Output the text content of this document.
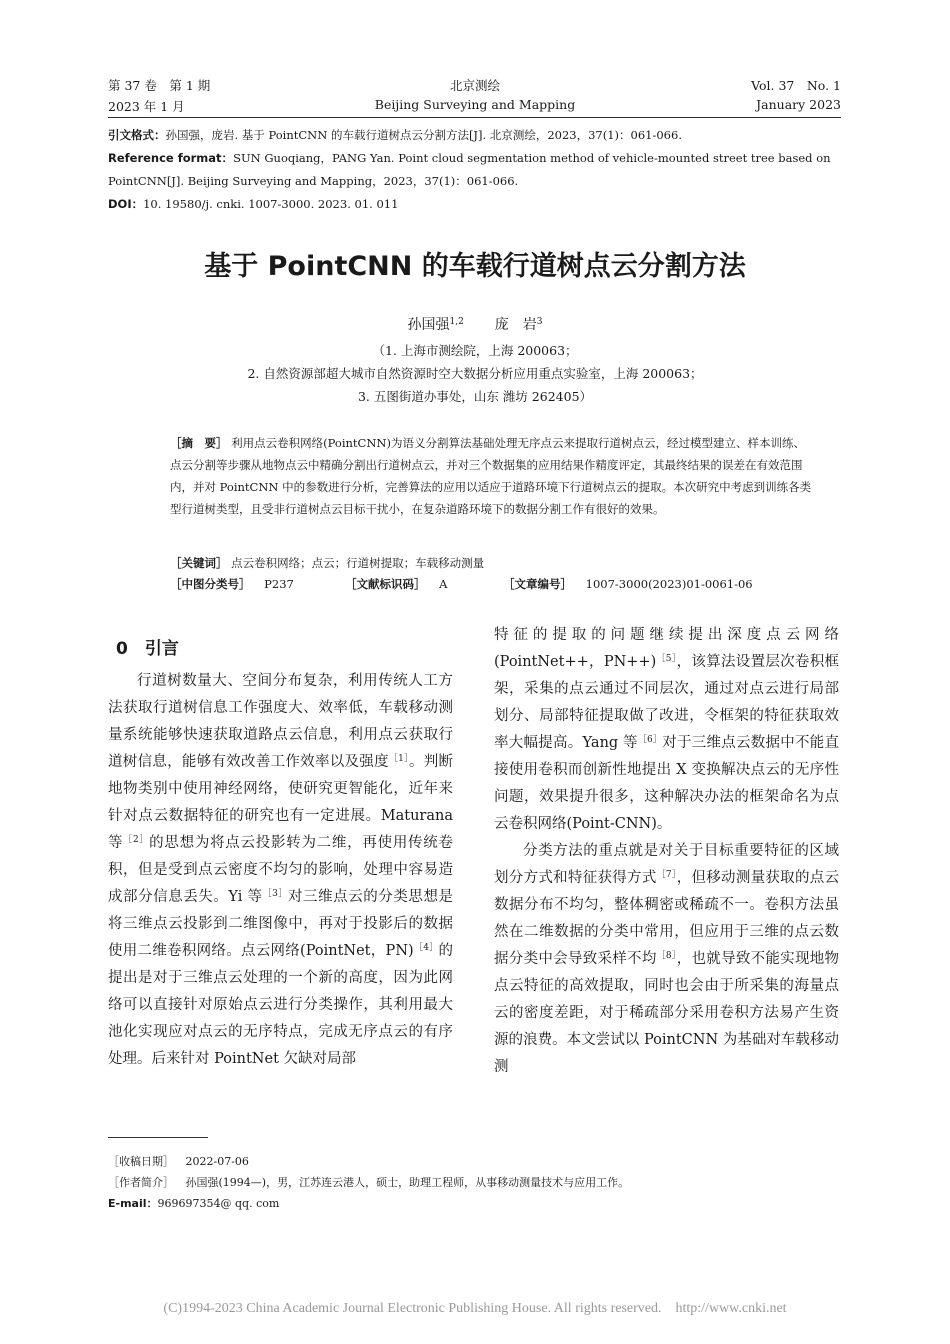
第 37 卷　第 1 期
2023 年 1 月
北京测绘
Beijing Surveying and Mapping
Vol. 37　No. 1
January 2023
引文格式：孙国强，庞岩. 基于 PointCNN 的车载行道树点云分割方法[J]. 北京测绘，2023，37(1)：061-066.
Reference format：SUN Guoqiang，PANG Yan. Point cloud segmentation method of vehicle-mounted street tree based on
PointCNN[J]. Beijing Surveying and Mapping，2023，37(1)：061-066.
DOI：10. 19580/j. cnki. 1007-3000. 2023. 01. 011
基于 PointCNN 的车载行道树点云分割方法
孙国强$^{1,2}$ 庞　岩$^3$
（1. 上海市测绘院，上海 200063；
2. 自然资源部超大城市自然资源时空大数据分析应用重点实验室，上海 200063；
3. 五图街道办事处，山东 潍坊 262405）
［摘　要］ 利用点云卷积网络(PointCNN)为语义分割算法基础处理无序点云来提取行道树点云，经过模型建立、样本训练、点云分割等步骤从地物点云中精确分割出行道树点云，并对三个数据集的应用结果作精度评定，其最终结果的误差在有效范围内，并对 PointCNN 中的参数进行分析，完善算法的应用以适应于道路环境下行道树点云的提取。本次研究中考虑到训练各类型行道树类型，且受非行道树点云目标干扰小，在复杂道路环境下的数据分割工作有很好的效果。
［关键词］ 点云卷积网络；点云；行道树提取；车载移动测量
［中图分类号］ P237	［文献标识码］ A	［文章编号］ 1007-3000(2023)01-0061-06

0　引言

行道树数量大、空间分布复杂，利用传统人工方法获取行道树信息工作强度大、效率低，车载移动测量系统能够快速获取道路点云信息，利用点云获取行道树信息，能够有效改善工作效率以及强度$^{[1]}$。判断地物类别中使用神经网络，使研究更智能化，近年来针对点云数据特征的研究也有一定进展。Maturana 等$^{[2]}$的思想为将点云投影转为二维，再使用传统卷积，但是受到点云密度不均匀的影响，处理中容易造成部分信息丢失。Yi 等$^{[3]}$对三维点云的分类思想是将三维点云投影到二维图像中，再对于投影后的数据使用二维卷积网络。点云网络(PointNet，PN)$^{[4]}$的提出是对于三维点云处理的一个新的高度，因为此网络可以直接针对原始点云进行分类操作，其利用最大池化实现应对点云的无序特点，完成无序点云的有序处理。后来针对 PointNet 欠缺对局部

特征的提取的问题继续提出深度点云网络(PointNet++，PN++)$^{[5]}$，该算法设置层次卷积框架，采集的点云通过不同层次，通过对点云进行局部划分、局部特征提取做了改进，令框架的特征获取效率大幅提高。Yang 等$^{[6]}$对于三维点云数据中不能直接使用卷积而创新性地提出 X 变换解决点云的无序性问题，效果提升很多，这种解决办法的框架命名为点云卷积网络(Point-CNN)。

分类方法的重点就是对关于目标重要特征的区域划分方式和特征获得方式$^{[7]}$，但移动测量获取的点云数据分布不均匀，整体稠密或稀疏不一。卷积方法虽然在二维数据的分类中常用，但应用于三维的点云数据分类中会导致采样不均$^{[8]}$，也就导致不能实现地物点云特征的高效提取，同时也会由于所采集的海量点云的密度差距，对于稀疏部分采用卷积方法易产生资源的浪费。本文尝试以 PointCNN 为基础对车载移动测

［收稿日期］ 2022-07-06
［作者简介］ 孙国强(1994—)，男，江苏连云港人，硕士，助理工程师，从事移动测量技术与应用工作。
E-mail：969697354@ qq. com
(C)1994-2023 China Academic Journal Electronic Publishing House. All rights reserved.　http://www.cnki.net
